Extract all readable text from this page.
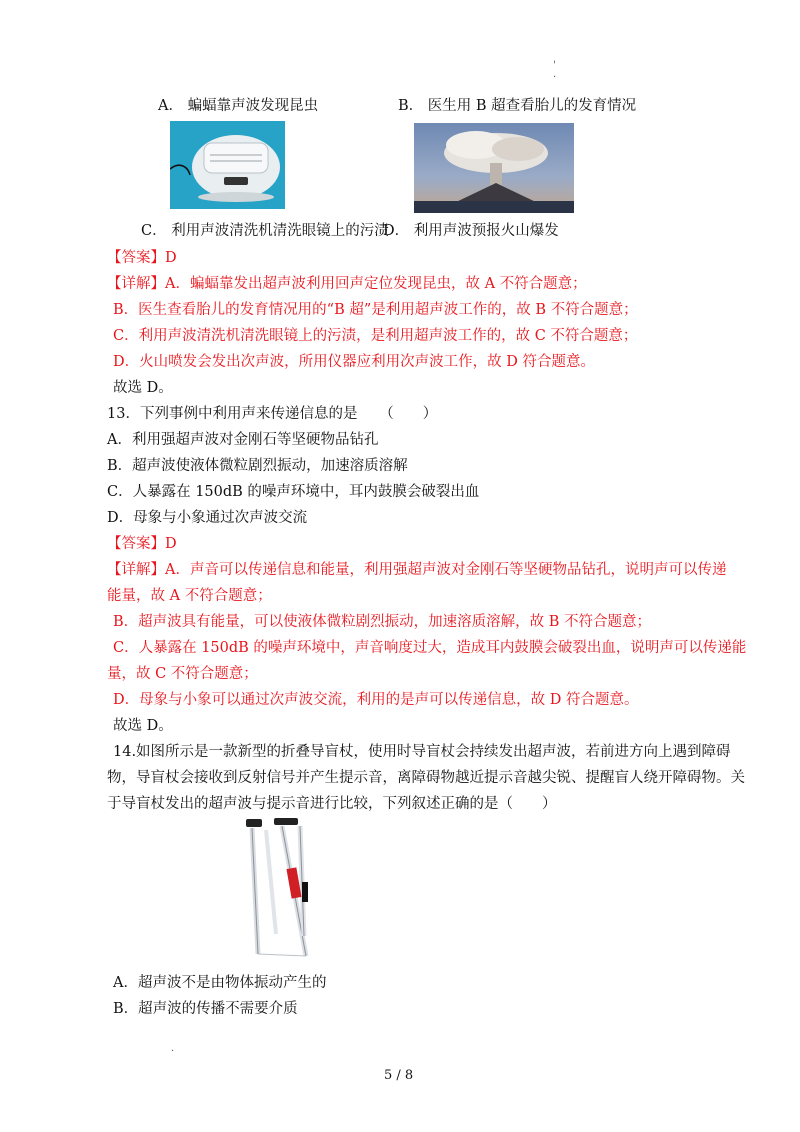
'
·
A． 蝙蝠靠声波发现昆虫	B． 医生用 B 超查看胎儿的发育情况
C． 利用声波清洗机清洗眼镜上的污渍
D． 利用声波预报火山爆发
【答案】D
【详解】A．蝙蝠靠发出超声波利用回声定位发现昆虫，故 A 不符合题意；
B．医生查看胎儿的发育情况用的“B 超”是利用超声波工作的，故 B 不符合题意；
C．利用声波清洗机清洗眼镜上的污渍，是利用超声波工作的，故 C 不符合题意；
D．火山喷发会发出次声波，所用仪器应利用次声波工作，故 D 符合题意。
故选 D。
13．下列事例中利用声来传递信息的是　　（　　）
A．利用强超声波对金刚石等坚硬物品钻孔
B．超声波使液体微粒剧烈振动，加速溶质溶解
C．人暴露在 150dB 的噪声环境中，耳内鼓膜会破裂出血
D．母象与小象通过次声波交流
【答案】D
【详解】A．声音可以传递信息和能量，利用强超声波对金刚石等坚硬物品钻孔，说明声可以传递
能量，故 A 不符合题意；
B．超声波具有能量，可以使液体微粒剧烈振动，加速溶质溶解，故 B 不符合题意；
C．人暴露在 150dB 的噪声环境中，声音响度过大，造成耳内鼓膜会破裂出血，说明声可以传递能
量，故 C 不符合题意；
D．母象与小象可以通过次声波交流，利用的是声可以传递信息，故 D 符合题意。
故选 D。
14.如图所示是一款新型的折叠导盲杖，使用时导盲杖会持续发出超声波，若前进方向上遇到障碍
物，导盲杖会接收到反射信号并产生提示音，离障碍物越近提示音越尖锐、提醒盲人绕开障碍物。关
于导盲杖发出的超声波与提示音进行比较，下列叙述正确的是（　　）
A．超声波不是由物体振动产生的
B．超声波的传播不需要介质
·
5 / 8
